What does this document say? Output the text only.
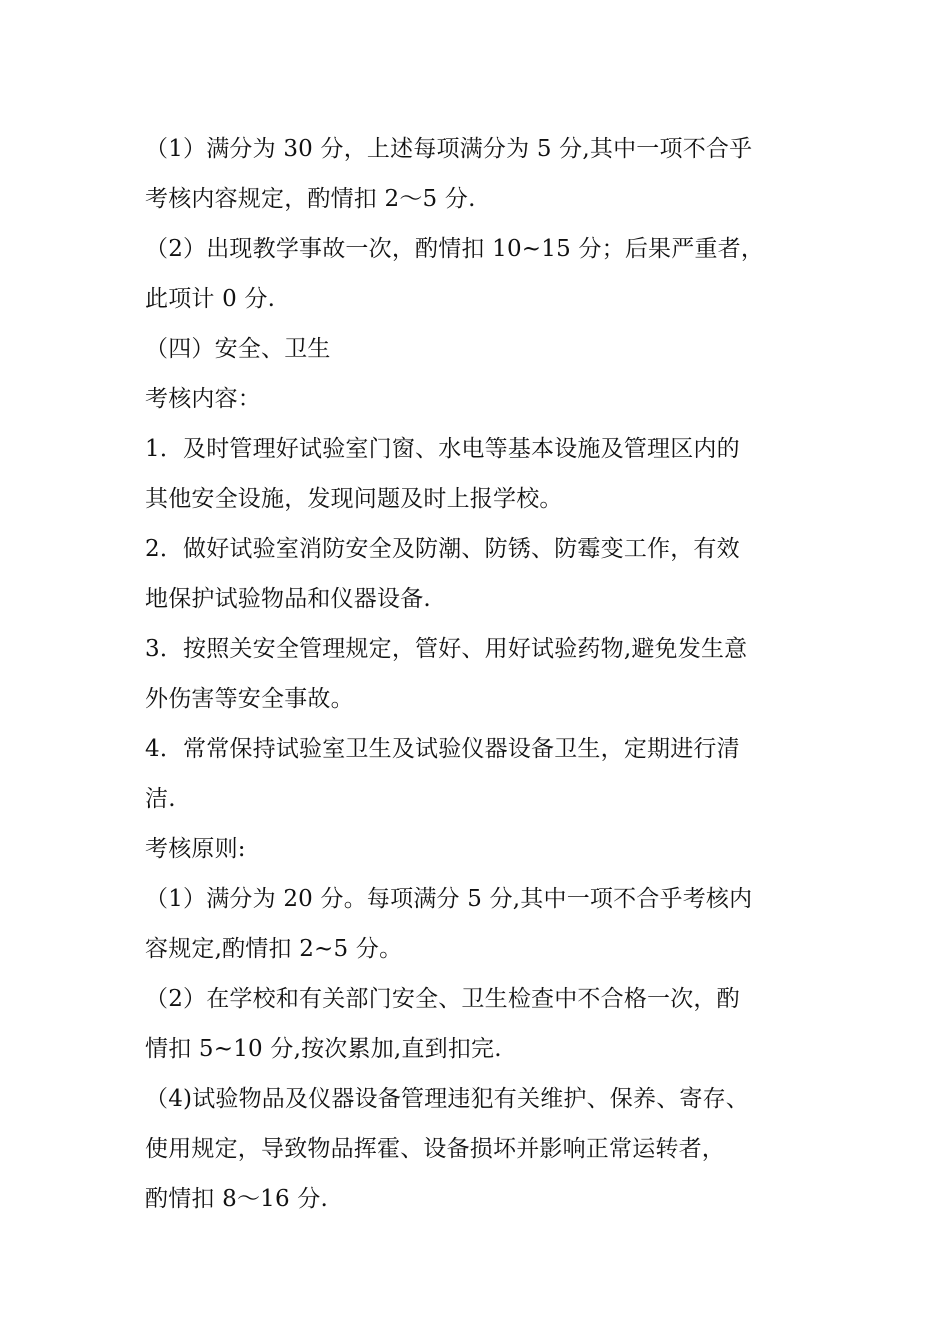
（1）满分为 30 分，上述每项满分为 5 分,其中一项不合乎
考核内容规定，酌情扣 2～5 分.
（2）出现教学事故一次，酌情扣 10~15 分；后果严重者，
此项计 0 分.
（四）安全、卫生
考核内容：
1．及时管理好试验室门窗、水电等基本设施及管理区内的
其他安全设施，发现问题及时上报学校。
2．做好试验室消防安全及防潮、防锈、防霉变工作，有效
地保护试验物品和仪器设备.
3．按照关安全管理规定，管好、用好试验药物,避免发生意
外伤害等安全事故。
4．常常保持试验室卫生及试验仪器设备卫生，定期进行清
洁.
考核原则:
（1）满分为 20 分。每项满分 5 分,其中一项不合乎考核内
容规定,酌情扣 2~5 分。
（2）在学校和有关部门安全、卫生检查中不合格一次，酌
情扣 5~10 分,按次累加,直到扣完.
（4)试验物品及仪器设备管理违犯有关维护、保养、寄存、
使用规定，导致物品挥霍、设备损坏并影响正常运转者，
酌情扣 8～16 分.
